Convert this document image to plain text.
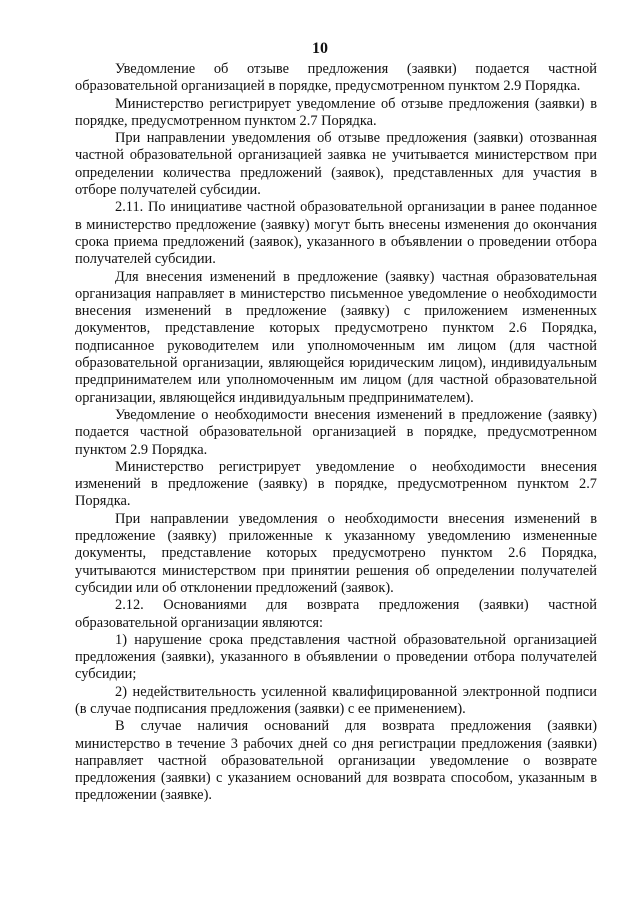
10

Уведомление об отзыве предложения (заявки) подается частной образовательной организацией в порядке, предусмотренном пунктом 2.9 Порядка.

Министерство регистрирует уведомление об отзыве предложения (заявки) в порядке, предусмотренном пунктом 2.7 Порядка.

При направлении уведомления об отзыве предложения (заявки) отозванная частной образовательной организацией заявка не учитывается министерством при определении количества предложений (заявок), представленных для участия в отборе получателей субсидии.

2.11. По инициативе частной образовательной организации в ранее поданное в министерство предложение (заявку) могут быть внесены изменения до окончания срока приема предложений (заявок), указанного в объявлении о проведении отбора получателей субсидии.

Для внесения изменений в предложение (заявку) частная образовательная организация направляет в министерство письменное уведомление о необходимости внесения изменений в предложение (заявку) с приложением измененных документов, представление которых предусмотрено пунктом 2.6 Порядка, подписанное руководителем или уполномоченным им лицом (для частной образовательной организации, являющейся юридическим лицом), индивидуальным предпринимателем или уполномоченным им лицом (для частной образовательной организации, являющейся индивидуальным предпринимателем).

Уведомление о необходимости внесения изменений в предложение (заявку) подается частной образовательной организацией в порядке, предусмотренном пунктом 2.9 Порядка.

Министерство регистрирует уведомление о необходимости внесения изменений в предложение (заявку) в порядке, предусмотренном пунктом 2.7 Порядка.

При направлении уведомления о необходимости внесения изменений в предложение (заявку) приложенные к указанному уведомлению измененные документы, представление которых предусмотрено пунктом 2.6 Порядка, учитываются министерством при принятии решения об определении получателей субсидии или об отклонении предложений (заявок).

2.12. Основаниями для возврата предложения (заявки) частной образовательной организации являются:

1) нарушение срока представления частной образовательной организацией предложения (заявки), указанного в объявлении о проведении отбора получателей субсидии;

2) недействительность усиленной квалифицированной электронной подписи (в случае подписания предложения (заявки) с ее применением).

В случае наличия оснований для возврата предложения (заявки) министерство в течение 3 рабочих дней со дня регистрации предложения (заявки) направляет частной образовательной организации уведомление о возврате предложения (заявки) с указанием оснований для возврата способом, указанным в предложении (заявке).
